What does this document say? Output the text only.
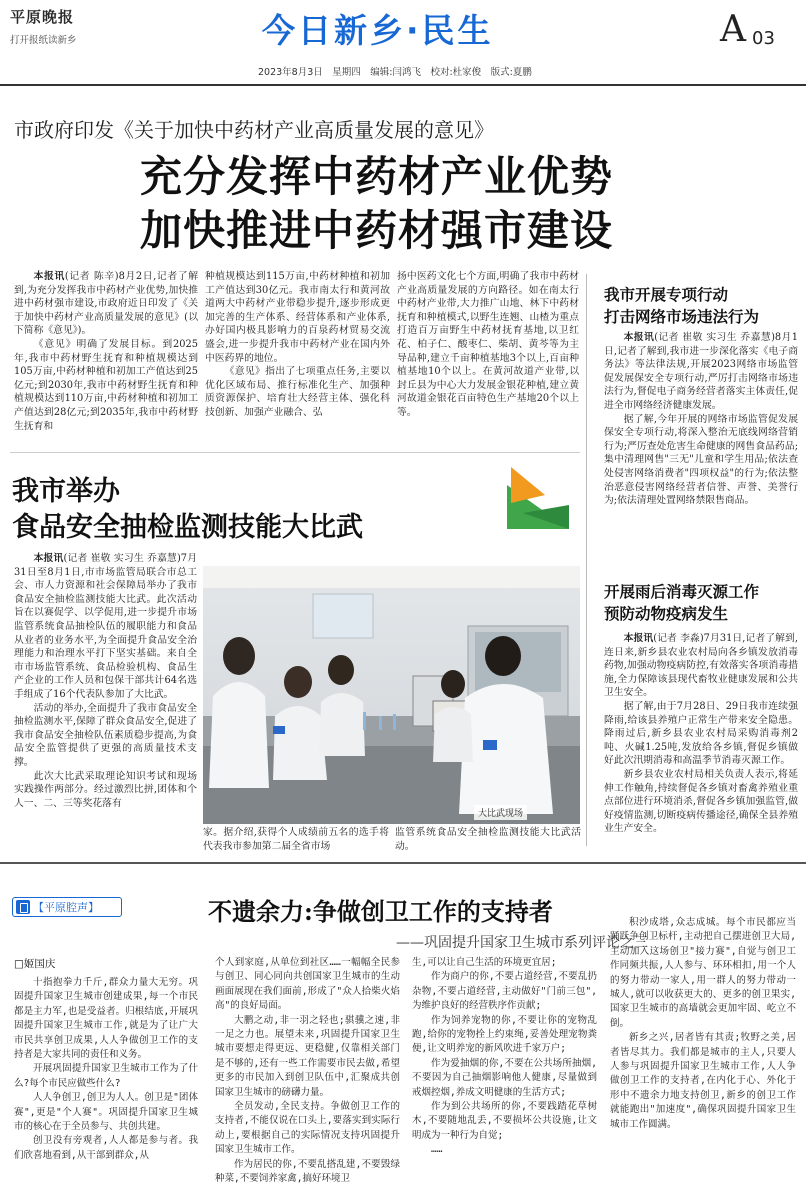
平原晚报
打开报纸读新乡	今日新乡·民生	A 03
2023年8月3日　星期四　编辑:闫鸿飞　校对:杜家俊　版式:夏鹏
市政府印发《关于加快中药材产业高质量发展的意见》
充分发挥中药材产业优势
加快推进中药材强市建设

本报讯(记者 陈辛)8月2日,记者了解到,为充分发挥我市中药材产业优势,加快推进中药材强市建设,市政府近日印发了《关于加快中药材产业高质量发展的意见》(以下简称《意见》)。

《意见》明确了发展目标。到2025年,我市中药材野生抚育和种植规模达到105万亩,中药材种植和初加工产值达到25亿元;到2030年,我市中药材野生抚育和种植规模达到110万亩,中药材种植和初加工产值达到28亿元;到2035年,我市中药材野生抚育和

种植规模达到115万亩,中药材种植和初加工产值达到30亿元。我市南太行和黄河故道两大中药材产业带稳步提升,逐步形成更加完善的生产体系、经营体系和产业体系,办好国内极具影响力的百泉药材贸易交流盛会,进一步提升我市中药材产业在国内外中医药界的地位。

《意见》指出了七项重点任务,主要以优化区域布局、推行标准化生产、加强种质资源保护、培育壮大经营主体、强化科技创新、加强产业融合、弘

扬中医药文化七个方面,明确了我市中药材产业高质量发展的方向路径。如在南太行中药材产业带,大力推广山地、林下中药材抚育和种植模式,以野生连翘、山楂为重点打造百万亩野生中药材抚育基地,以卫红花、柏子仁、酸枣仁、柴胡、黄芩等为主导品种,建立千亩种植基地3个以上,百亩种植基地10个以上。在黄河故道产业带,以封丘县为中心大力发展金银花种植,建立黄河故道金银花百亩特色生产基地20个以上等。

我市开展专项行动
打击网络市场违法行为

本报讯(记者 崔敬 实习生 乔嘉慧)8月1日,记者了解到,我市进一步深化落实《电子商务法》等法律法规,开展2023网络市场监管促发展保安全专项行动,严厉打击网络市场违法行为,督促电子商务经营者落实主体责任,促进全市网络经济健康发展。

据了解,今年开展的网络市场监管促发展保安全专项行动,将深入整治无底线网络营销行为;严厉查处危害生命健康的网售食品药品;集中清理网售"三无"儿童和学生用品;依法查处侵害网络消费者"四项权益"的行为;依法整治恶意侵害网络经营者信誉、声誉、美誉行为;依法清理处置网络禁限售商品。

开展雨后消毒灭源工作
预防动物疫病发生

本报讯(记者 李淼)7月31日,记者了解到,连日来,新乡县农业农村局向各乡镇发放消毒药物,加强动物疫病防控,有效落实各项消毒措施,全力保障该县现代畜牧业健康发展和公共卫生安全。

据了解,由于7月28日、29日我市连续强降雨,给该县养殖户正常生产带来安全隐患。降雨过后,新乡县农业农村局采购消毒剂2吨、火碱1.25吨,发放给各乡镇,督促乡镇做好此次汛期消毒和高温季节消毒灭源工作。

新乡县农业农村局相关负责人表示,将延伸工作触角,持续督促各乡镇对畜禽养殖业重点部位进行环境消杀,督促各乡镇加强监管,做好疫情监测,切断疫病传播途径,确保全县养殖业生产安全。

我市举办
食品安全抽检监测技能大比武

本报讯(记者 崔敬 实习生 乔嘉慧)7月31日至8月1日,市市场监管局联合市总工会、市人力资源和社会保障局举办了我市食品安全抽检监测技能大比武。此次活动旨在以赛促学、以学促用,进一步提升市场监管系统食品抽检队伍的履职能力和食品从业者的业务水平,为全面提升食品安全治理能力和治理水平打下坚实基础。来自全市市场监管系统、食品检验机构、食品生产企业的工作人员和包保干部共计64名选手组成了16个代表队参加了大比武。

活动的举办,全面提升了我市食品安全抽检监测水平,保障了群众食品安全,促进了我市食品安全抽检队伍素质稳步提高,为食品安全监管提供了更强的高质量技术支撑。

此次大比武采取理论知识考试和现场实践操作两部分。经过激烈比拼,团体和个人一、二、三等奖花落有

大比武现场

家。据介绍,获得个人成绩前五名的选手将代表我市参加第二届全省市场

监管系统食品安全抽检监测技能大比武活动。

【平原腔声】	不遗余力:争做创卫工作的支持者
——巩固提升国家卫生城市系列评论之三
□姬国庆

十指抱拳力千斤,群众力量大无穷。巩固提升国家卫生城市创建成果,每一个市民都是主力军,也是受益者。归根结底,开展巩固提升国家卫生城市工作,就是为了让广大市民共享创卫成果,人人争做创卫工作的支持者是大家共同的责任和义务。

开展巩固提升国家卫生城市工作为了什么?每个市民应做些什么?

人人争创卫,创卫为人人。创卫是"团体赛",更是"个人赛"。巩固提升国家卫生城市的核心在于全员参与、共创共建。

创卫没有旁观者,人人都是参与者。我们欣喜地看到,从干部到群众,从

个人到家庭,从单位到社区……一幅幅全民参与创卫、同心同向共创国家卫生城市的生动画面展现在我们面前,形成了"众人拾柴火焰高"的良好局面。

大鹏之动,非一羽之轻也;骐骥之速,非一足之力也。展望未来,巩固提升国家卫生城市要想走得更远、更稳健,仅靠相关部门是不够的,还有一些工作需要市民去做,希望更多的市民加入到创卫队伍中,汇聚成共创国家卫生城市的磅礴力量。

全员发动,全民支持。争做创卫工作的支持者,不能仅说在口头上,要落实到实际行动上,要根据自己的实际情况支持巩固提升国家卫生城市工作。

作为居民的你,不要乱搭乱建,不要毁绿种菜,不要饲养家禽,搞好环境卫

生,可以让自己生活的环境更宜居;

作为商户的你,不要占道经营,不要乱扔杂物,不要占道经营,主动做好"门前三包",为维护良好的经营秩序作贡献;

作为饲养宠物的你,不要让你的宠物乱跑,给你的宠物拴上约束绳,妥善处理宠物粪便,让文明养宠的新风吹进千家万户;

作为爱抽烟的你,不要在公共场所抽烟,不要因为自己抽烟影响他人健康,尽量做到戒烟控烟,养成文明健康的生活方式;

作为到公共场所的你,不要践踏花草树木,不要随地乱丢,不要损坏公共设施,让文明成为一种行为自觉;

……

积沙成塔,众志成城。每个市民都应当踊跃争创卫标杆,主动把自己摆进创卫大局,主动加入这场创卫"接力赛",自觉与创卫工作同频共振,人人参与、环环相扣,用一个人的努力带动一家人,用一群人的努力带动一城人,就可以收获更大的、更多的创卫果实,国家卫生城市的高墙就会更加牢固、屹立不倒。

新乡之兴,居者皆有其责;牧野之美,居者皆尽其力。我们都是城市的主人,只要人人参与巩固提升国家卫生城市工作,人人争做创卫工作的支持者,在内化于心、外化于形中不遗余力地支持创卫,新乡的创卫工作就能跑出"加速度",确保巩固提升国家卫生城市工作圆满。
